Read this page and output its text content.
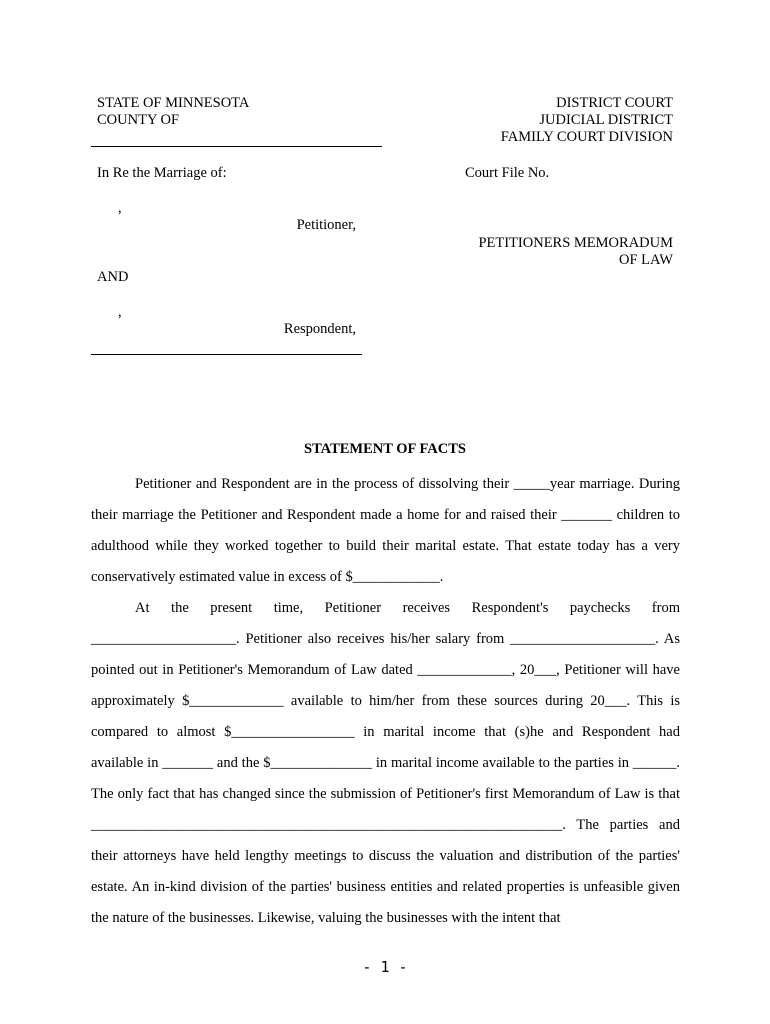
STATE OF MINNESOTA
COUNTY OF
DISTRICT COURT
JUDICIAL DISTRICT
FAMILY COURT DIVISION
In Re the Marriage of:	Court File No.
,
Petitioner,
PETITIONERS MEMORADUM
OF LAW
AND
,
Respondent,
STATEMENT OF FACTS

Petitioner and Respondent are in the process of dissolving their _____year marriage. During their marriage the Petitioner and Respondent made a home for and raised their _______ children to adulthood while they worked together to build their marital estate. That estate today has a very conservatively estimated value in excess of $____________.

At the present time, Petitioner receives Respondent's paychecks from ____________________. Petitioner also receives his/her salary from ____________________. As pointed out in Petitioner's Memorandum of Law dated _____________, 20___, Petitioner will have approximately $_____________ available to him/her from these sources during 20___. This is compared to almost $_________________ in marital income that (s)he and Respondent had available in _______ and the $______________ in marital income available to the parties in ______. The only fact that has changed since the submission of Petitioner's first Memorandum of Law is that _________________________________________________________________. The parties and their attorneys have held lengthy meetings to discuss the valuation and distribution of the parties' estate. An in-kind division of the parties' business entities and related properties is unfeasible given the nature of the businesses. Likewise, valuing the businesses with the intent that

- 1 -
